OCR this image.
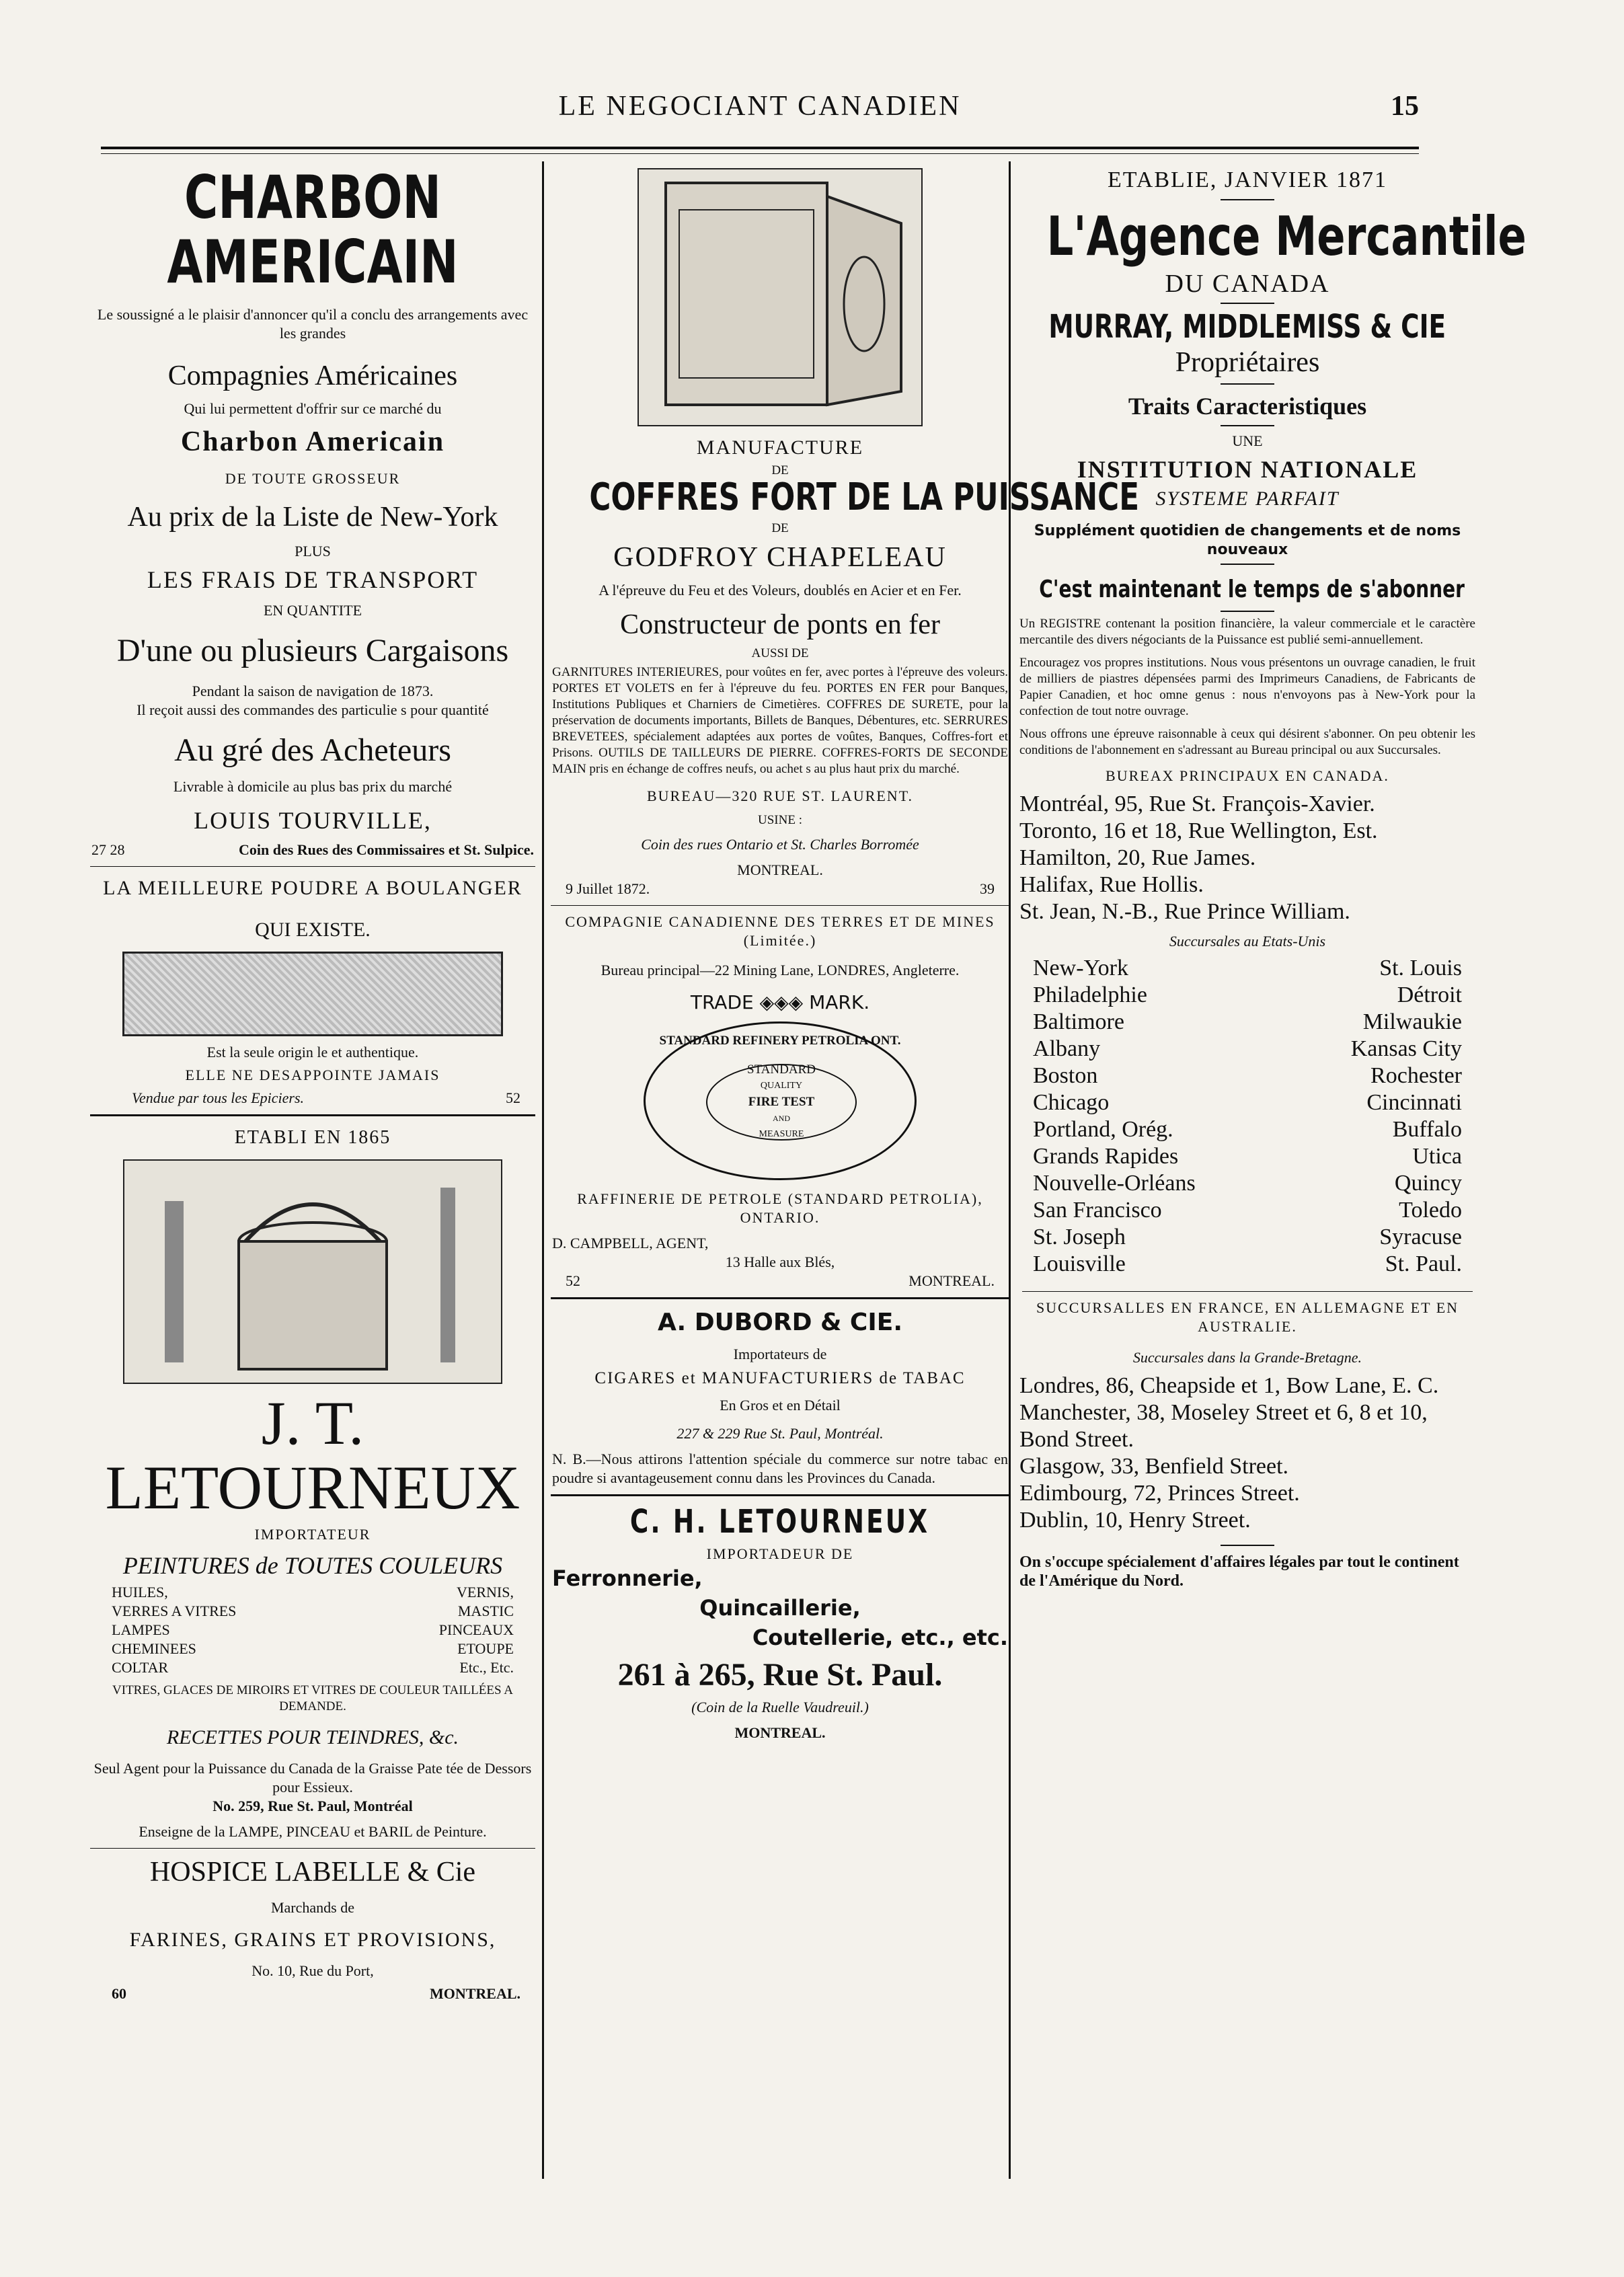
LE NEGOCIANT CANADIEN	15
CHARBON AMERICAIN
Le soussigné a le plaisir d'annoncer qu'il a conclu des arrangements avec les grandes
Compagnies Américaines
Qui lui permettent d'offrir sur ce marché du
Charbon Americain
DE TOUTE GROSSEUR
Au prix de la Liste de New-York
PLUS
LES FRAIS DE TRANSPORT
EN QUANTITE
D'une ou plusieurs Cargaisons
Pendant la saison de navigation de 1873.
Il reçoit aussi des commandes des particulie s pour quantité
Au gré des Acheteurs
Livrable à domicile au plus bas prix du marché
LOUIS TOURVILLE,
27 28	Coin des Rues des Commissaires et St. Sulpice.
LA MEILLEURE POUDRE A BOULANGER
QUI EXISTE.
Est la seule origin le et authentique.
ELLE NE DESAPPOINTE JAMAIS
Vendue par tous les Epiciers.	52
ETABLI EN 1865
J. T. LETOURNEUX
IMPORTATEUR
PEINTURES de TOUTES COULEURS
HUILES,	VERNIS,
VERRES A VITRES	MASTIC
LAMPES	PINCEAUX
CHEMINEES	ETOUPE
COLTAR	Etc., Etc.
VITRES, GLACES DE MIROIRS ET VITRES DE COULEUR TAILLÉES A DEMANDE.
RECETTES POUR TEINDRES, &c.
Seul Agent pour la Puissance du Canada de la Graisse Pate tée de Dessors pour Essieux.
No. 259, Rue St. Paul, Montréal
Enseigne de la LAMPE, PINCEAU et BARIL de Peinture.
HOSPICE LABELLE & Cie
Marchands de
FARINES, GRAINS ET PROVISIONS,
No. 10, Rue du Port,
60	MONTREAL.
MANUFACTURE
DE
COFFRES FORT DE LA PUISSANCE
DE
GODFROY CHAPELEAU
A l'épreuve du Feu et des Voleurs, doublés en Acier et en Fer.
Constructeur de ponts en fer
AUSSI DE
GARNITURES INTERIEURES, pour voûtes en fer, avec portes à l'épreuve des voleurs. PORTES ET VOLETS en fer à l'épreuve du feu. PORTES EN FER pour Banques, Institutions Publiques et Charniers de Cimetières. COFFRES DE SURETE, pour la préservation de documents importants, Billets de Banques, Débentures, etc. SERRURES BREVETEES, spécialement adaptées aux portes de voûtes, Banques, Coffres-fort et Prisons. OUTILS DE TAILLEURS DE PIERRE. COFFRES-FORTS DE SECONDE MAIN pris en échange de coffres neufs, ou achet s au plus haut prix du marché.
BUREAU—320 RUE ST. LAURENT.
USINE :
Coin des rues Ontario et St. Charles Borromée
MONTREAL.
9 Juillet 1872.	39
COMPAGNIE CANADIENNE DES TERRES ET DE MINES (Limitée.)
Bureau principal—22 Mining Lane, LONDRES, Angleterre.
TRADE ◈◈◈ MARK.
STANDARD REFINERY PETROLIA ONT.
STANDARD
QUALITY
FIRE TEST
AND
MEASURE
RAFFINERIE DE PETROLE (STANDARD PETROLIA), ONTARIO.
D. CAMPBELL, AGENT,
13 Halle aux Blés,
52	MONTREAL.
A. DUBORD & CIE.
Importateurs de
CIGARES et MANUFACTURIERS de TABAC
En Gros et en Détail
227 & 229 Rue St. Paul, Montréal.
N. B.—Nous attirons l'attention spéciale du commerce sur notre tabac en poudre si avantageusement connu dans les Provinces du Canada.
C. H. LETOURNEUX
IMPORTADEUR DE
Ferronnerie,
Quincaillerie,
Coutellerie, etc., etc.
261 à 265, Rue St. Paul.
(Coin de la Ruelle Vaudreuil.)
MONTREAL.
ETABLIE, JANVIER 1871
L'Agence Mercantile
DU CANADA
MURRAY, MIDDLEMISS & CIE
Propriétaires
Traits Caracteristiques
UNE
INSTITUTION NATIONALE
SYSTEME PARFAIT
Supplément quotidien de changements et de noms nouveaux
C'est maintenant le temps de s'abonner
Un REGISTRE contenant la position financière, la valeur commerciale et le caractère mercantile des divers négociants de la Puissance est publié semi-annuellement.
Encouragez vos propres institutions. Nous vous présentons un ouvrage canadien, le fruit de milliers de piastres dépensées parmi des Imprimeurs Canadiens, de Fabricants de Papier Canadien, et hoc omne genus : nous n'envoyons pas à New-York pour la confection de tout notre ouvrage.
Nous offrons une épreuve raisonnable à ceux qui désirent s'abonner. On peu obtenir les conditions de l'abonnement en s'adressant au Bureau principal ou aux Succursales.
BUREAX PRINCIPAUX EN CANADA.
Montréal, 95, Rue St. François-Xavier.
Toronto, 16 et 18, Rue Wellington, Est.
Hamilton, 20, Rue James.
Halifax, Rue Hollis.
St. Jean, N.-B., Rue Prince William.
Succursales au Etats-Unis
New-York	St. Louis
Philadelphie	Détroit
Baltimore	Milwaukie
Albany	Kansas City
Boston	Rochester
Chicago	Cincinnati
Portland, Orég.	Buffalo
Grands Rapides	Utica
Nouvelle-Orléans	Quincy
San Francisco	Toledo
St. Joseph	Syracuse
Louisville	St. Paul.
SUCCURSALLES EN FRANCE, EN ALLEMAGNE ET EN AUSTRALIE.
Succursales dans la Grande-Bretagne.
Londres, 86, Cheapside et 1, Bow Lane, E. C.
Manchester, 38, Moseley Street et 6, 8 et 10, Bond Street.
Glasgow, 33, Benfield Street.
Edimbourg, 72, Princes Street.
Dublin, 10, Henry Street.
On s'occupe spécialement d'affaires légales par tout le continent de l'Amérique du Nord.
